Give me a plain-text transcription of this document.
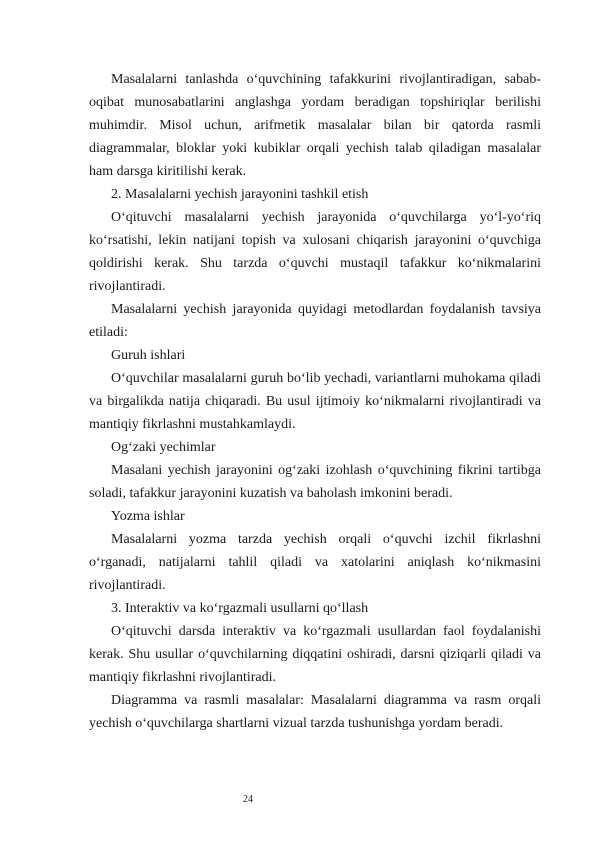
Masalalarni tanlashda o‘quvchining tafakkurini rivojlantiradigan, sabab-oqibat munosabatlarini anglashga yordam beradigan topshiriqlar berilishi muhimdir. Misol uchun, arifmetik masalalar bilan bir qatorda rasmli diagrammalar, bloklar yoki kubiklar orqali yechish talab qiladigan masalalar ham darsga kiritilishi kerak.

2. Masalalarni yechish jarayonini tashkil etish

O‘qituvchi masalalarni yechish jarayonida o‘quvchilarga yo‘l-yo‘riq ko‘rsatishi, lekin natijani topish va xulosani chiqarish jarayonini o‘quvchiga qoldirishi kerak. Shu tarzda o‘quvchi mustaqil tafakkur ko‘nikmalarini rivojlantiradi.

Masalalarni yechish jarayonida quyidagi metodlardan foydalanish tavsiya etiladi:

Guruh ishlari

O‘quvchilar masalalarni guruh bo‘lib yechadi, variantlarni muhokama qiladi va birgalikda natija chiqaradi. Bu usul ijtimoiy ko‘nikmalarni rivojlantiradi va mantiqiy fikrlashni mustahkamlaydi.

Og‘zaki yechimlar

Masalani yechish jarayonini og‘zaki izohlash o‘quvchining fikrini tartibga soladi, tafakkur jarayonini kuzatish va baholash imkonini beradi.

Yozma ishlar

Masalalarni yozma tarzda yechish orqali o‘quvchi izchil fikrlashni o‘rganadi, natijalarni tahlil qiladi va xatolarini aniqlash ko‘nikmasini rivojlantiradi.

3. Interaktiv va ko‘rgazmali usullarni qo‘llash

O‘qituvchi darsda interaktiv va ko‘rgazmali usullardan faol foydalanishi kerak. Shu usullar o‘quvchilarning diqqatini oshiradi, darsni qiziqarli qiladi va mantiqiy fikrlashni rivojlantiradi.

Diagramma va rasmli masalalar: Masalalarni diagramma va rasm orqali yechish o‘quvchilarga shartlarni vizual tarzda tushunishga yordam beradi.

24
